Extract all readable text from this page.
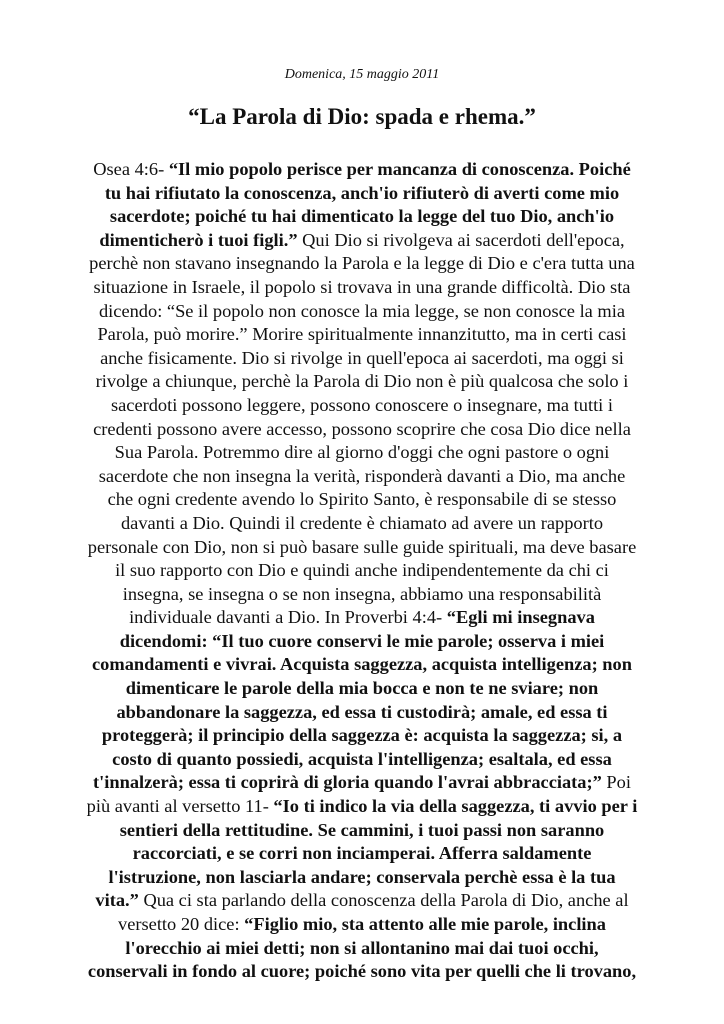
Domenica, 15 maggio 2011
“La Parola di Dio: spada e rhema.”
Osea 4:6- “Il mio popolo perisce per mancanza di conoscenza. Poiché
tu hai rifiutato la conoscenza, anch'io rifiuterò di averti come mio
sacerdote; poiché tu hai dimenticato la legge del tuo Dio, anch'io
dimenticherò i tuoi figli.” Qui Dio si rivolgeva ai sacerdoti dell'epoca,
perchè non stavano insegnando la Parola e la legge di Dio e c'era tutta una
situazione in Israele, il popolo si trovava in una grande difficoltà. Dio sta
dicendo: “Se il popolo non conosce la mia legge, se non conosce la mia
Parola, può morire.” Morire spiritualmente innanzitutto, ma in certi casi
anche fisicamente. Dio si rivolge in quell'epoca ai sacerdoti, ma oggi si
rivolge a chiunque, perchè la Parola di Dio non è più qualcosa che solo i
sacerdoti possono leggere, possono conoscere o insegnare, ma tutti i
credenti possono avere accesso, possono scoprire che cosa Dio dice nella
Sua Parola. Potremmo dire al giorno d'oggi che ogni pastore o ogni
sacerdote che non insegna la verità, risponderà davanti a Dio, ma anche
che ogni credente avendo lo Spirito Santo, è responsabile di se stesso
davanti a Dio. Quindi il credente è chiamato ad avere un rapporto
personale con Dio, non si può basare sulle guide spirituali, ma deve basare
il suo rapporto con Dio e quindi anche indipendentemente da chi ci
insegna, se insegna o se non insegna, abbiamo una responsabilità
individuale davanti a Dio. In Proverbi 4:4- “Egli mi insegnava
dicendomi: “Il tuo cuore conservi le mie parole; osserva i miei
comandamenti e vivrai. Acquista saggezza, acquista intelligenza; non
dimenticare le parole della mia bocca e non te ne sviare; non
abbandonare la saggezza, ed essa ti custodirà; amale, ed essa ti
proteggerà; il principio della saggezza è: acquista la saggezza; si, a
costo di quanto possiedi, acquista l'intelligenza; esaltala, ed essa
t'innalzerà; essa ti coprirà di gloria quando l'avrai abbracciata;” Poi
più avanti al versetto 11- “Io ti indico la via della saggezza, ti avvio per i
sentieri della rettitudine. Se cammini, i tuoi passi non saranno
raccorciati, e se corri non inciamperai. Afferra saldamente
l'istruzione, non lasciarla andare; conservala perchè essa è la tua
vita.” Qua ci sta parlando della conoscenza della Parola di Dio, anche al
versetto 20 dice: “Figlio mio, sta attento alle mie parole, inclina
l'orecchio ai miei detti; non si allontanino mai dai tuoi occhi,
conservali in fondo al cuore; poiché sono vita per quelli che li trovano,
